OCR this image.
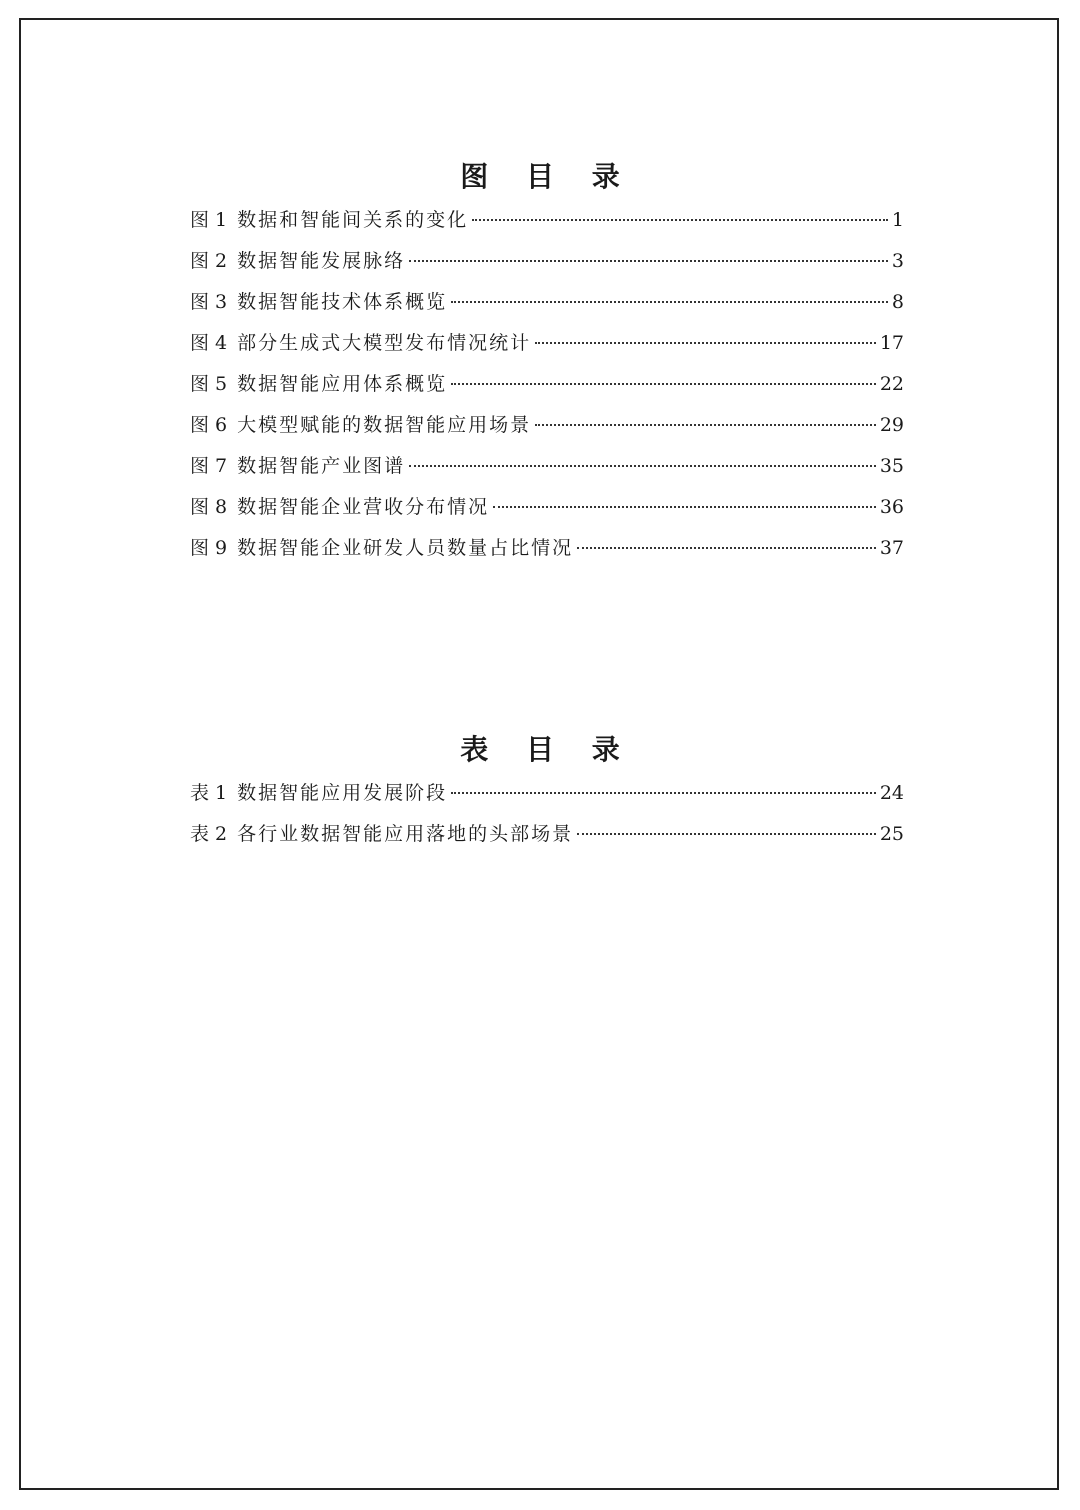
图 目 录
图 1 数据和智能间关系的变化	1
图 2 数据智能发展脉络	3
图 3 数据智能技术体系概览	8
图 4 部分生成式大模型发布情况统计	17
图 5 数据智能应用体系概览	22
图 6 大模型赋能的数据智能应用场景	29
图 7 数据智能产业图谱	35
图 8 数据智能企业营收分布情况	36
图 9 数据智能企业研发人员数量占比情况	37
表 目 录
表 1 数据智能应用发展阶段	24
表 2 各行业数据智能应用落地的头部场景	25
